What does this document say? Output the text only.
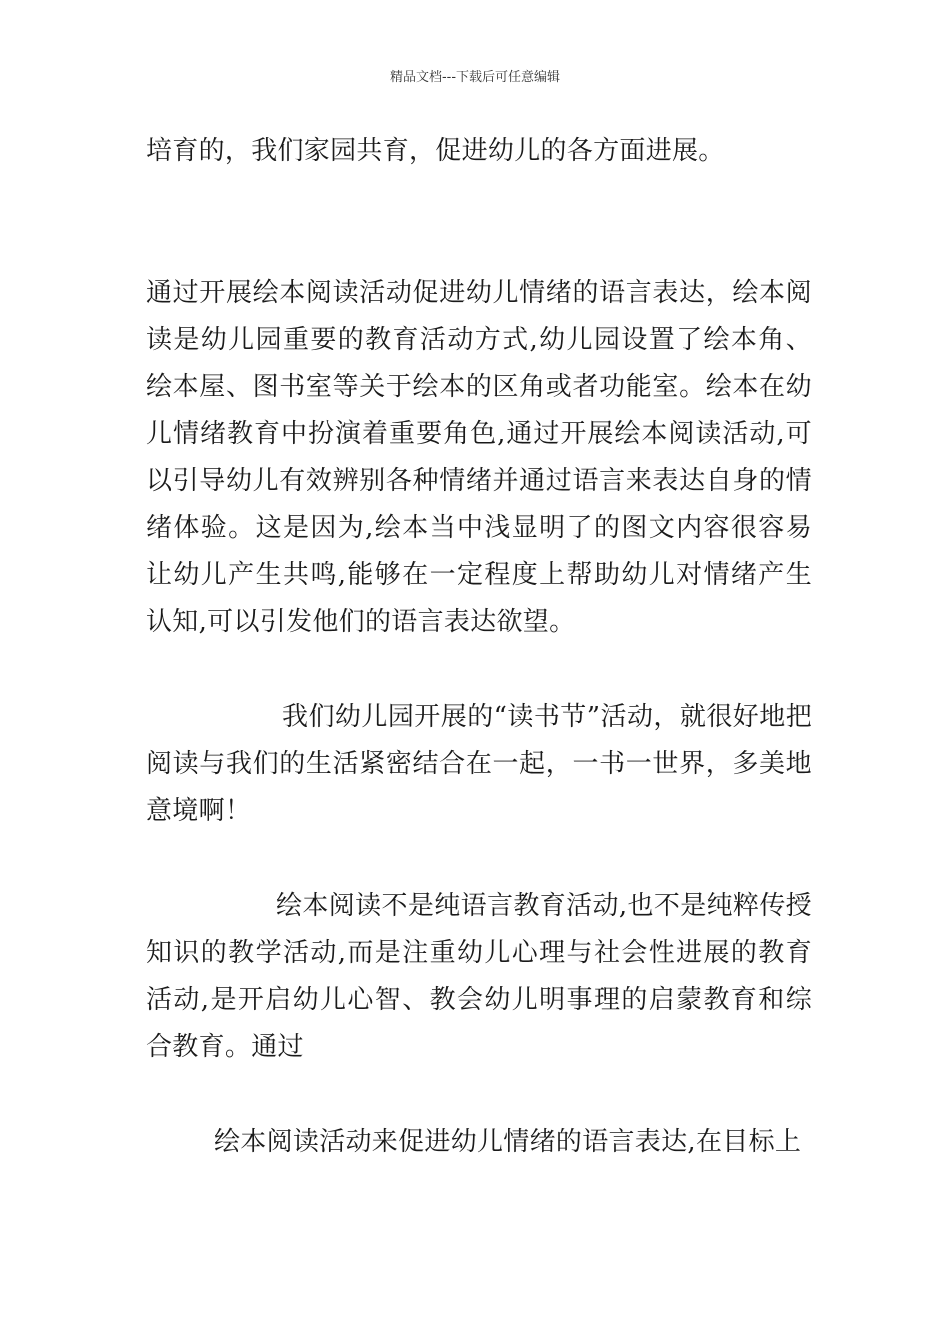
精品文档---下载后可任意编辑

培育的，我们家园共育，促进幼儿的各方面进展。

通过开展绘本阅读活动促进幼儿情绪的语言表达，绘本阅读是幼儿园重要的教育活动方式,幼儿园设置了绘本角、绘本屋、图书室等关于绘本的区角或者功能室。绘本在幼儿情绪教育中扮演着重要角色,通过开展绘本阅读活动,可以引导幼儿有效辨别各种情绪并通过语言来表达自身的情绪体验。这是因为,绘本当中浅显明了的图文内容很容易让幼儿产生共鸣,能够在一定程度上帮助幼儿对情绪产生认知,可以引发他们的语言表达欲望。

我们幼儿园开展的“读书节”活动，就很好地把阅读与我们的生活紧密结合在一起，一书一世界，多美地意境啊！

绘本阅读不是纯语言教育活动,也不是纯粹传授知识的教学活动,而是注重幼儿心理与社会性进展的教育活动,是开启幼儿心智、教会幼儿明事理的启蒙教育和综合教育。通过

绘本阅读活动来促进幼儿情绪的语言表达,在目标上
